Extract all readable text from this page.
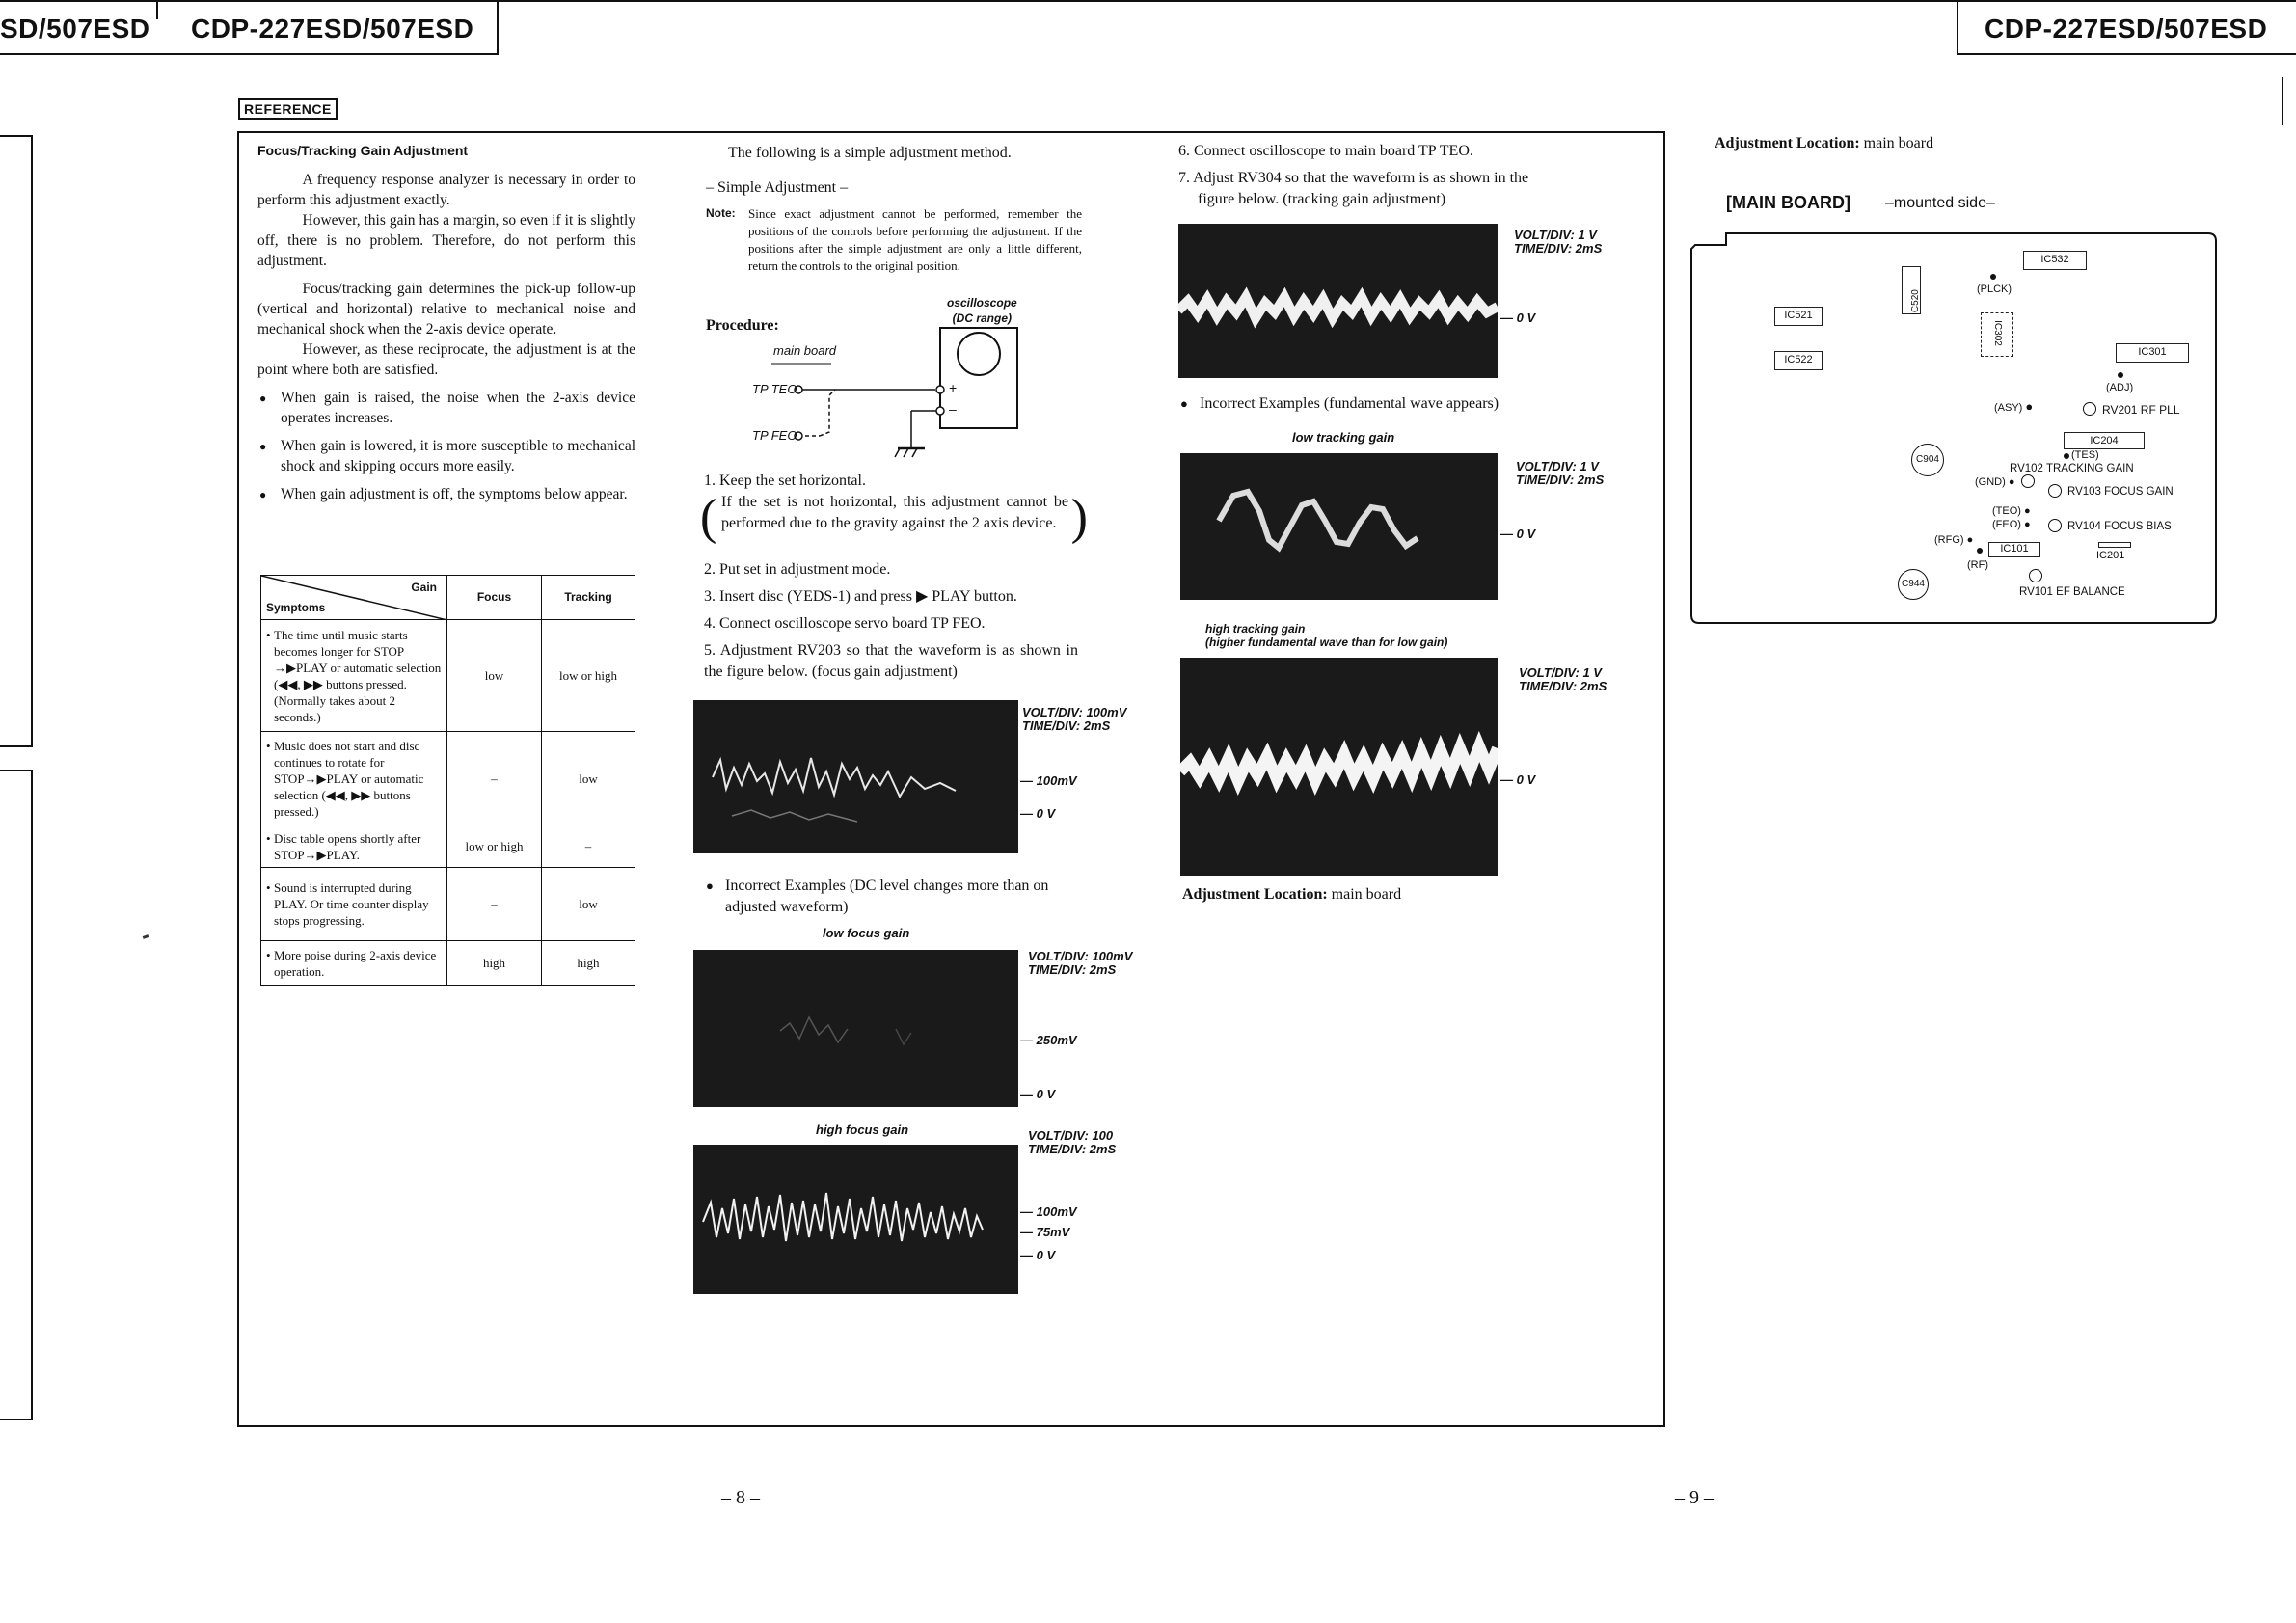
SD/507ESD CDP-227ESD/507ESD	CDP-227ESD/507ESD
REFERENCE
Focus/Tracking Gain Adjustment
A frequency response analyzer is necessary in order to perform this adjustment exactly.
However, this gain has a margin, so even if it is slightly off, there is no problem. Therefore, do not perform this adjustment.
Focus/tracking gain determines the pick-up follow-up (vertical and horizontal) relative to mechanical noise and mechanical shock when the 2-axis device operate.
However, as these reciprocate, the adjustment is at the point where both are satisfied.
● When gain is raised, the noise when the 2-axis device operates increases.
● When gain is lowered, it is more susceptible to mechanical shock and skipping occurs more easily.
● When gain adjustment is off, the symptoms below appear.
Gain
Symptoms	Focus	Tracking

• The time until music starts becomes longer for STOP →▶PLAY or automatic selection (◀◀, ▶▶ buttons pressed. (Normally takes about 2 seconds.)	low	low or high

• Music does not start and disc continues to rotate for STOP→▶PLAY or automatic selection (◀◀, ▶▶ buttons pressed.)	–	low

• Disc table opens shortly after STOP→▶PLAY.	low or high	–

• Sound is interrupted during PLAY. Or time counter display stops progressing.	–	low

• More poise during 2-axis device operation.	high	high
The following is a simple adjustment method.
– Simple Adjustment –
Note: Since exact adjustment cannot be performed, remember the positions of the controls before performing the adjustment. If the positions after the simple adjustment are only a little different, return the controls to the original position.
Procedure:
oscilloscope
(DC range)
main board
TP TEO
TP FEO
+
–
1. Keep the set horizontal.
( If the set is not horizontal, this adjustment cannot be performed due to the gravity against the 2 axis device. )
2. Put set in adjustment mode.
3. Insert disc (YEDS-1) and press ▶ PLAY button.
4. Connect oscilloscope servo board TP FEO.
5. Adjustment RV203 so that the waveform is as shown in the figure below. (focus gain adjustment)
VOLT/DIV: 100mV
TIME/DIV: 2mS
— 100mV
— 0 V
● Incorrect Examples (DC level changes more than on adjusted waveform)
low focus gain
VOLT/DIV: 100mV
TIME/DIV: 2mS
— 250mV
— 0 V
high focus gain	VOLT/DIV: 100
TIME/DIV: 2mS
— 100mV
— 75mV
— 0 V
6. Connect oscilloscope to main board TP TEO.
7. Adjust RV304 so that the waveform is as shown in the figure below. (tracking gain adjustment)
VOLT/DIV: 1 V
TIME/DIV: 2mS
— 0 V
● Incorrect Examples (fundamental wave appears)
low tracking gain
VOLT/DIV: 1 V
TIME/DIV: 2mS
— 0 V
high tracking gain
(higher fundamental wave than for low gain)
VOLT/DIV: 1 V
TIME/DIV: 2mS
— 0 V
Adjustment Location: main board
Adjustment Location: main board
[MAIN BOARD] –mounted side–
IC532
IC520
(PLCK)
IC521
IC522
IC302
IC301
(ADJ)
(ASY) ●	RV201 RF PLL
IC204
C904	(TES)
RV102 TRACKING GAIN
(GND) ●
RV103 FOCUS GAIN
(TEO) ●
(FEO) ●	RV104 FOCUS BIAS
(RFG) ●
IC101
(RF)
IC201
C944
RV101 EF BALANCE
– 8 –	– 9 –
